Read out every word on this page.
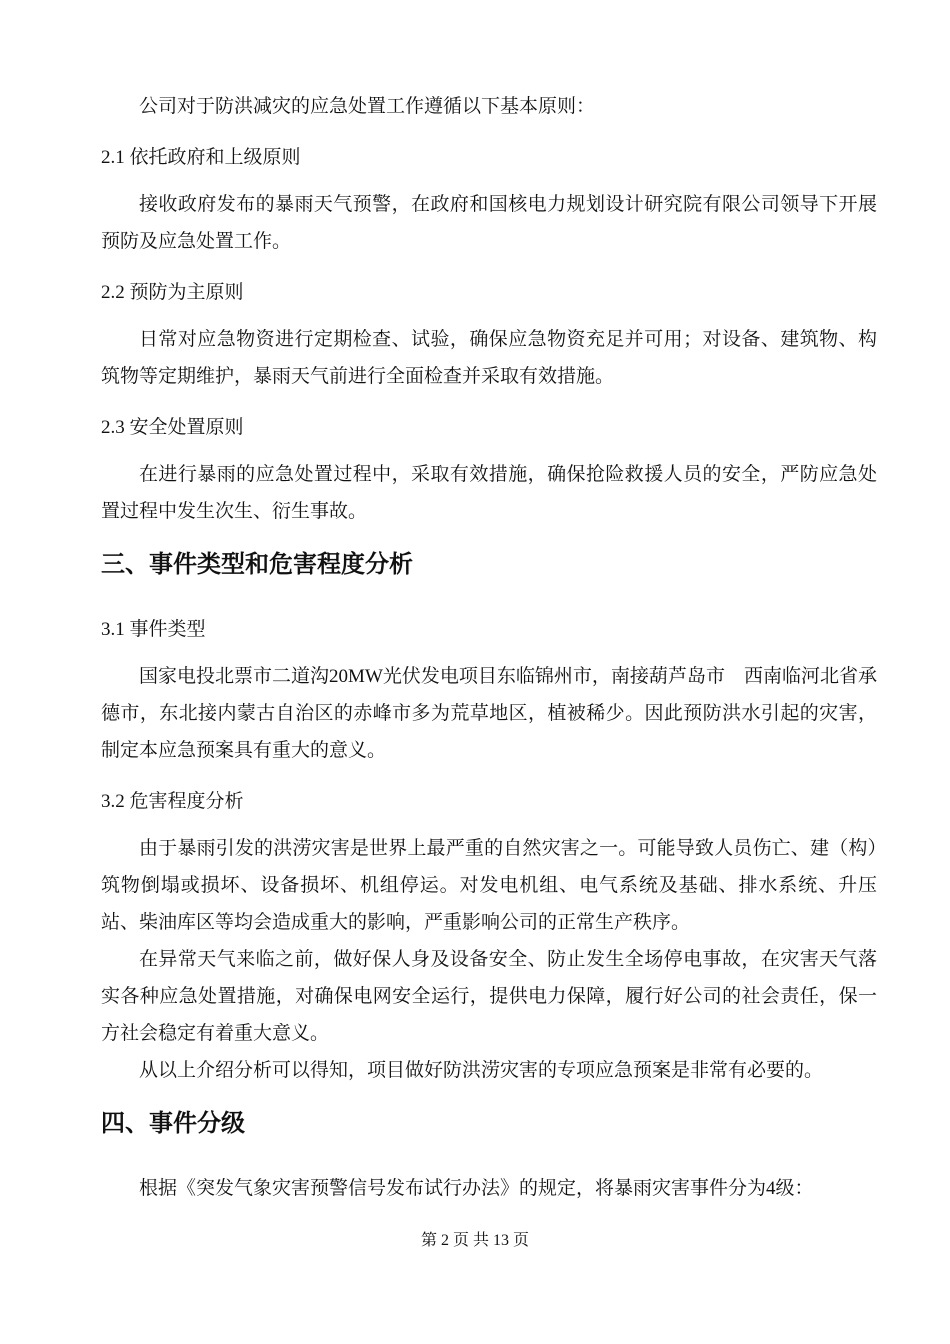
公司对于防洪减灾的应急处置工作遵循以下基本原则：

2.1 依托政府和上级原则

接收政府发布的暴雨天气预警，在政府和国核电力规划设计研究院有限公司领导下开展预防及应急处置工作。

2.2 预防为主原则

日常对应急物资进行定期检查、试验，确保应急物资充足并可用；对设备、建筑物、构筑物等定期维护，暴雨天气前进行全面检查并采取有效措施。

2.3 安全处置原则

在进行暴雨的应急处置过程中，采取有效措施，确保抢险救援人员的安全，严防应急处置过程中发生次生、衍生事故。

三、事件类型和危害程度分析
3.1 事件类型

国家电投北票市二道沟20MW光伏发电项目东临锦州市，南接葫芦岛市　西南临河北省承德市，东北接内蒙古自治区的赤峰市多为荒草地区，植被稀少。因此预防洪水引起的灾害，制定本应急预案具有重大的意义。

3.2 危害程度分析

由于暴雨引发的洪涝灾害是世界上最严重的自然灾害之一。可能导致人员伤亡、建（构）筑物倒塌或损坏、设备损坏、机组停运。对发电机组、电气系统及基础、排水系统、升压站、柴油库区等均会造成重大的影响，严重影响公司的正常生产秩序。

在异常天气来临之前，做好保人身及设备安全、防止发生全场停电事故，在灾害天气落实各种应急处置措施，对确保电网安全运行，提供电力保障，履行好公司的社会责任，保一方社会稳定有着重大意义。

从以上介绍分析可以得知，项目做好防洪涝灾害的专项应急预案是非常有必要的。

四、事件分级

根据《突发气象灾害预警信号发布试行办法》的规定，将暴雨灾害事件分为4级：

第 2 页 共 13 页
